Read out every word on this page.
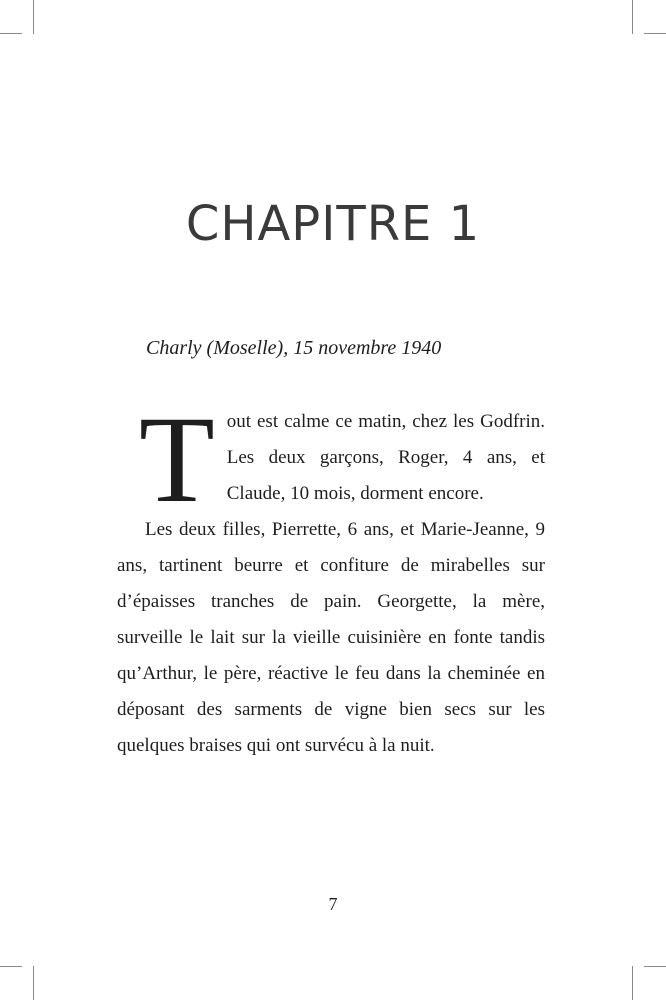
CHAPITRE 1
Charly (Moselle), 15 novembre 1940

Tout est calme ce matin, chez les Godfrin. Les deux garçons, Roger, 4 ans, et Claude, 10 mois, dorment encore.

Les deux filles, Pierrette, 6 ans, et Marie-Jeanne, 9 ans, tartinent beurre et confiture de mirabelles sur d’épaisses tranches de pain. Georgette, la mère, surveille le lait sur la vieille cuisinière en fonte tandis qu’Arthur, le père, réactive le feu dans la cheminée en déposant des sarments de vigne bien secs sur les quelques braises qui ont survécu à la nuit.

7
